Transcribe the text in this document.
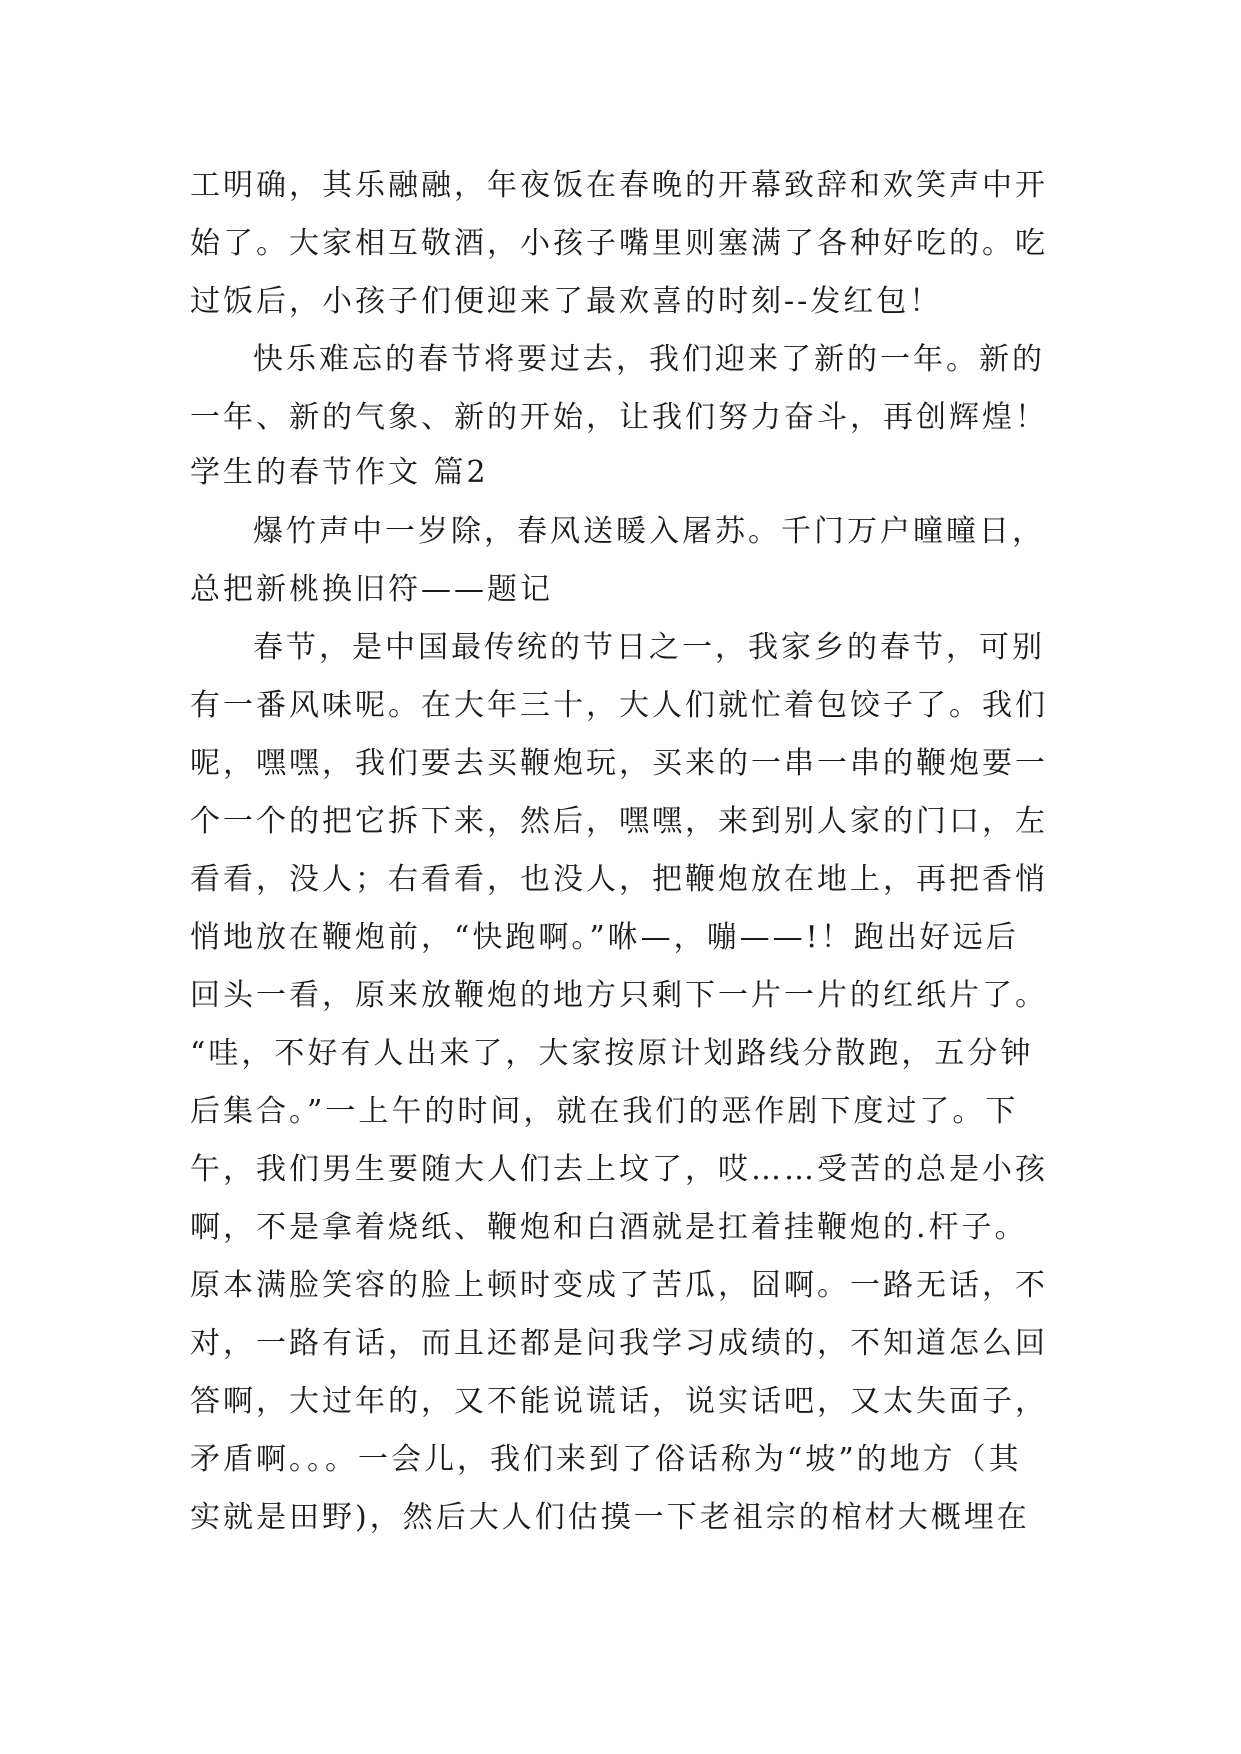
工明确，其乐融融，年夜饭在春晚的开幕致辞和欢笑声中开
始了。大家相互敬酒，小孩子嘴里则塞满了各种好吃的。吃
过饭后，小孩子们便迎来了最欢喜的时刻--发红包！
快乐难忘的春节将要过去，我们迎来了新的一年。新的
一年、新的气象、新的开始，让我们努力奋斗，再创辉煌！
学生的春节作文 篇2
爆竹声中一岁除，春风送暖入屠苏。千门万户曈曈日，
总把新桃换旧符——题记
春节，是中国最传统的节日之一，我家乡的春节，可别
有一番风味呢。在大年三十，大人们就忙着包饺子了。我们
呢，嘿嘿，我们要去买鞭炮玩，买来的一串一串的鞭炮要一
个一个的把它拆下来，然后，嘿嘿，来到别人家的门口，左
看看，没人；右看看，也没人，把鞭炮放在地上，再把香悄
悄地放在鞭炮前，“快跑啊。”咻—，嘣——!！跑出好远后
回头一看，原来放鞭炮的地方只剩下一片一片的红纸片了。
“哇，不好有人出来了，大家按原计划路线分散跑，五分钟
后集合。”一上午的时间，就在我们的恶作剧下度过了。下
午，我们男生要随大人们去上坟了，哎……受苦的总是小孩
啊，不是拿着烧纸、鞭炮和白酒就是扛着挂鞭炮的.杆子。
原本满脸笑容的脸上顿时变成了苦瓜，囧啊。一路无话，不
对，一路有话，而且还都是问我学习成绩的，不知道怎么回
答啊，大过年的，又不能说谎话，说实话吧，又太失面子，
矛盾啊。。。一会儿，我们来到了俗话称为“坡”的地方（其
实就是田野)，然后大人们估摸一下老祖宗的棺材大概埋在
